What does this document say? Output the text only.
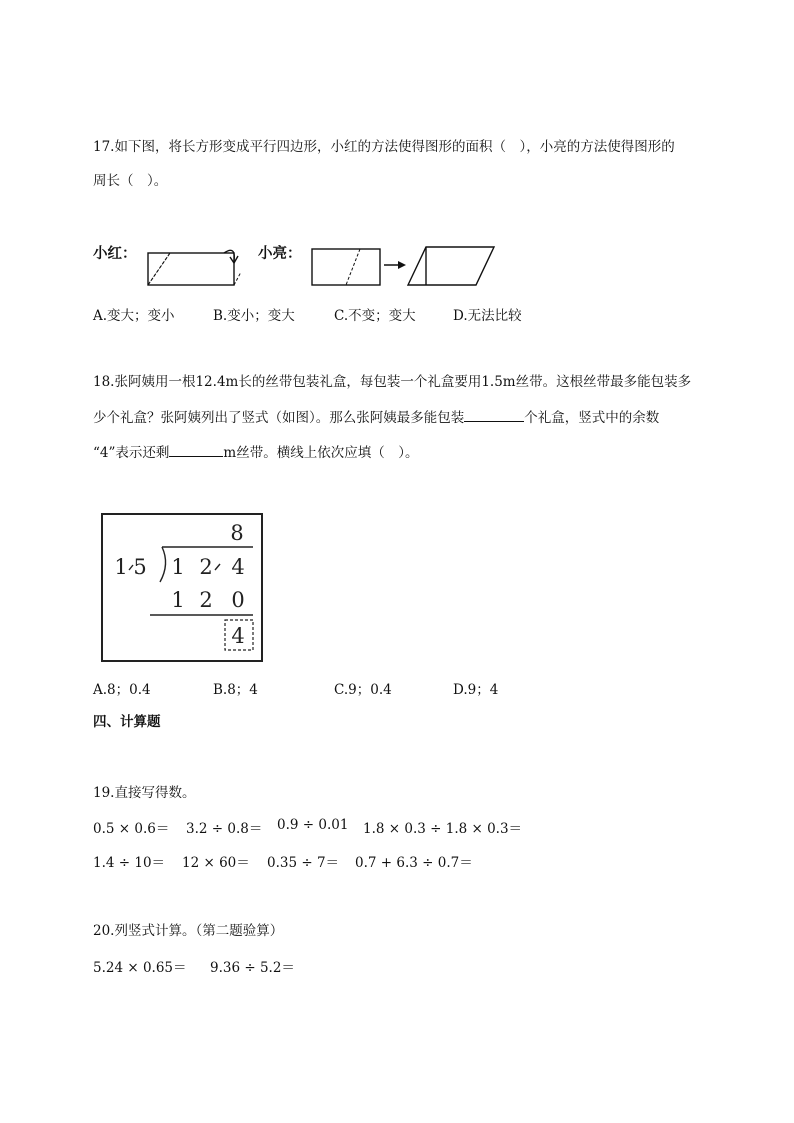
17.如下图，将长方形变成平行四边形，小红的方法使得图形的面积（　），小亮的方法使得图形的
周长（　）。
小红：	小亮：
A.变大；变小	B.变小；变大	C.不变；变大	D.无法比较
18.张阿姨用一根12.4m长的丝带包装礼盒，每包装一个礼盒要用1.5m丝带。这根丝带最多能包装多
少个礼盒？张阿姨列出了竖式（如图）。那么张阿姨最多能包装	个礼盒，竖式中的余数
“4”表示还剩	m丝带。横线上依次应填（　）。
8
1 5 1 2 4
1 2 0
4
A.8；0.4	B.8；4	C.9；0.4	D.9；4
四、计算题
19.直接写得数。
0.5 × 0.6＝ 3.2 ÷ 0.8＝ 0.9 ÷ 0.01 1.8 × 0.3 ÷ 1.8 × 0.3＝
1.4 ÷ 10＝ 12 × 60＝ 0.35 ÷ 7＝ 0.7 + 6.3 ÷ 0.7＝
20.列竖式计算。（第二题验算）
5.24 × 0.65＝ 9.36 ÷ 5.2＝
